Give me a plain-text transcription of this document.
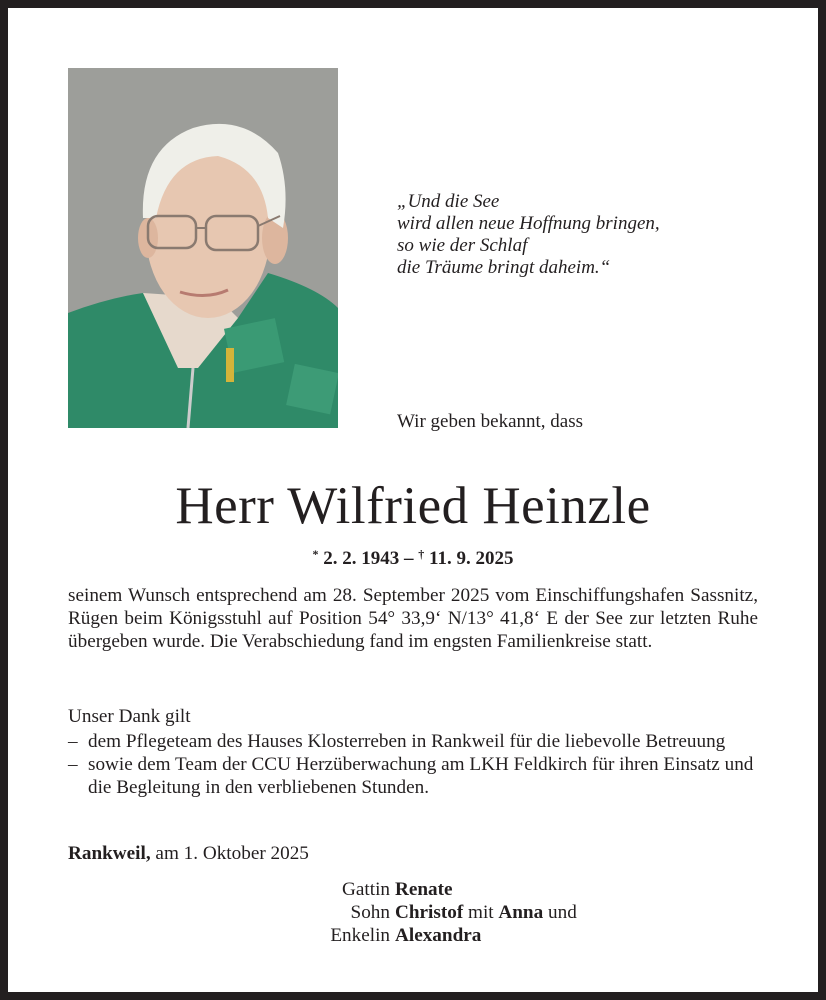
„Und die See
wird allen neue Hoffnung bringen,
so wie der Schlaf
die Träume bringt daheim.“
Wir geben bekannt, dass
Herr Wilfried Heinzle
* 2. 2. 1943 – † 11. 9. 2025
seinem Wunsch entsprechend am 28. September 2025 vom Einschiffungshafen Sassnitz, Rügen beim Königsstuhl auf Position 54° 33,9‘ N/13° 41,8‘ E der See zur letzten Ruhe übergeben wurde. Die Verabschiedung fand im engsten Familienkreise statt.
Unser Dank gilt
– dem Pflegeteam des Hauses Klosterreben in Rankweil für die liebevolle Betreuung
– sowie dem Team der CCU Herzüberwachung am LKH Feldkirch für ihren Einsatz und die Begleitung in den verbliebenen Stunden.
Rankweil, am 1. Oktober 2025
Gattin Renate
Sohn Christof mit Anna und
Enkelin Alexandra
